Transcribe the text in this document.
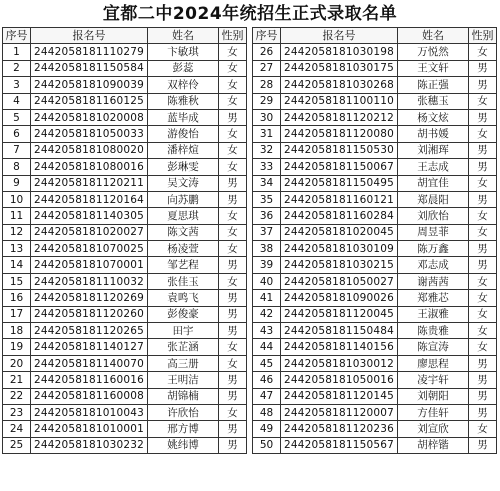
宜都二中2024年统招生正式录取名单
序号	报名号	姓名	性别
1	2442058181110279	卞敏琪	女
2	2442058181150584	彭蕊	女
3	2442058181090039	双梓伶	女
4	2442058181160125	陈雅秋	女
5	2442058181020008	蓝毕成	男
6	2442058181050033	游俊怡	女
7	2442058181080020	潘梓煊	女
8	2442058181080016	彭琳雯	女
9	2442058181120211	吴文涛	男
10	2442058181120164	向苏鹏	男
11	2442058181140305	夏思琪	女
12	2442058181020027	陈文茜	女
13	2442058181070025	杨凌萱	女
14	2442058181070001	邹艺程	男
15	2442058181110032	张佳玉	女
16	2442058181120269	袁鸣飞	男
17	2442058181120260	彭俊豪	男
18	2442058181120265	田宇	男
19	2442058181140127	张芷涵	女
20	2442058181140070	高三册	女
21	2442058181160016	王明洁	男
22	2442058181160008	胡锦楠	男
23	2442058181010043	许欣怡	女
24	2442058181010001	邢方博	男
25	2442058181030232	姚纬博	男
序号	报名号	姓名	性别
26	2442058181030198	万悦然	女
27	2442058181030175	王文轩	男
28	2442058181030268	陈正强	男
29	2442058181100110	张穗玉	女
30	2442058181120212	杨文炫	男
31	2442058181120080	胡书媛	女
32	2442058181150530	刘湘珲	男
33	2442058181150067	王志成	男
34	2442058181150495	胡宜佳	女
35	2442058181160121	郑晨阳	男
36	2442058181160284	刘欣怡	女
37	2442058181020045	周昱菲	女
38	2442058181030109	陈万鑫	男
39	2442058181030215	邓志成	男
40	2442058181050027	谢茜茜	女
41	2442058181090026	郑雅芯	女
42	2442058181120045	王淑雅	女
43	2442058181150484	陈贵雅	女
44	2442058181140156	陈宣涛	女
45	2442058181030012	廖思程	男
46	2442058181050016	凌宇轩	男
47	2442058181120145	刘朝阳	男
48	2442058181120007	方佳轩	男
49	2442058181120236	刘宣欣	女
50	2442058181150567	胡梓锴	男
